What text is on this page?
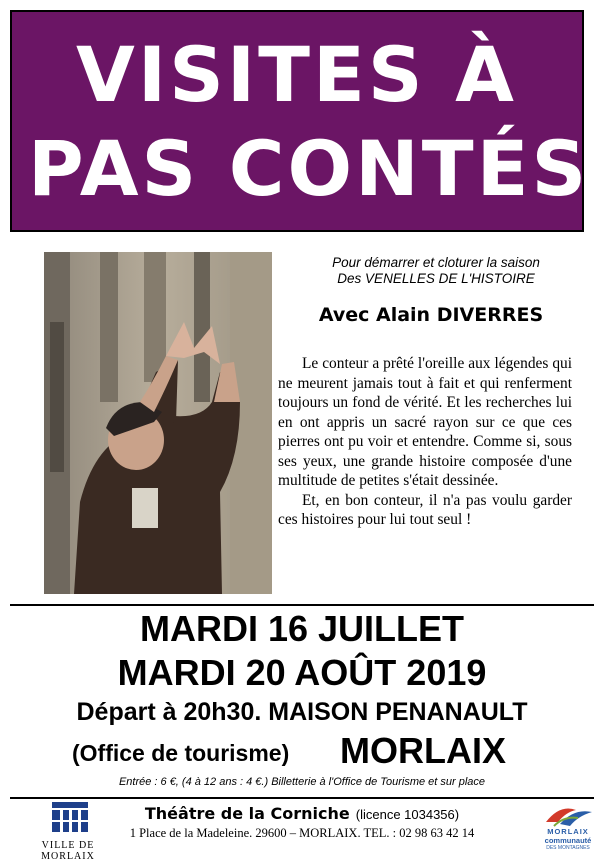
VISITES À
PAS CONTÉS
Pour démarrer et cloturer la saison
Des VENELLES DE L'HISTOIRE
Avec Alain DIVERRES

Le conteur a prêté l'oreille aux légendes qui ne meurent jamais tout à fait et qui renferment toujours un fond de vérité. Et les recherches lui en ont appris un sacré rayon sur ce que ces pierres ont pu voir et entendre. Comme si, sous ses yeux, une grande histoire composée d'une multitude de petites s'était dessinée.

Et, en bon conteur, il n'a pas voulu garder ces histoires pour lui tout seul !

MARDI 16 JUILLET
MARDI 20 AOÛT 2019
Départ à 20h30. MAISON PENANAULT
(Office de tourisme) MORLAIX
Entrée : 6 €, (4 à 12 ans : 4 €.) Billetterie à l'Office de Tourisme et sur place
VILLE DE MORLAIX
Théâtre de la Corniche (licence 1034356)
1 Place de la Madeleine. 29600 – MORLAIX. TEL. : 02 98 63 42 14	MORLAIX
communauté
DES MONTAGNES
